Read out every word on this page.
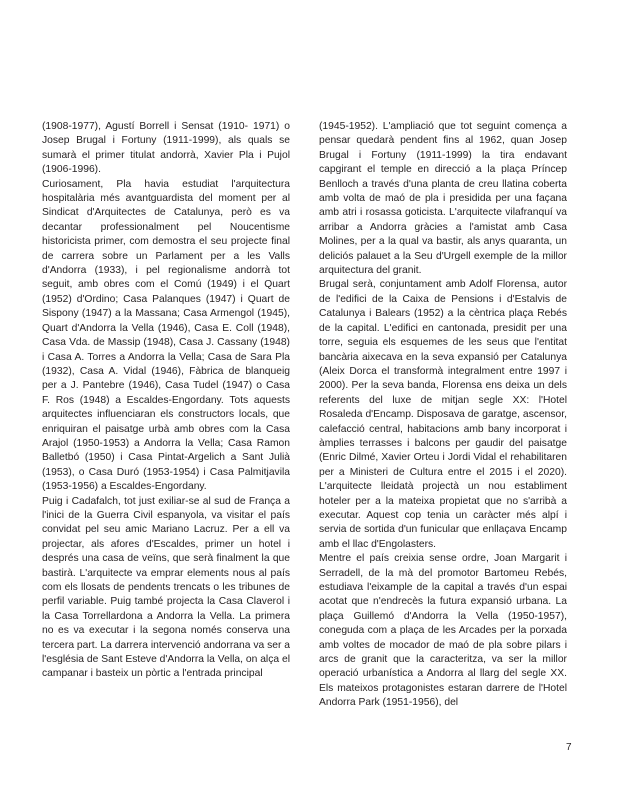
(1908-1977), Agustí Borrell i Sensat (1910- 1971) o Josep Brugal i Fortuny (1911-1999), als quals se sumarà el primer titulat andorrà, Xavier Pla i Pujol (1906-1996).

Curiosament, Pla havia estudiat l'arquitectura hospitalària més avantguardista del moment per al Sindicat d'Arquitectes de Catalunya, però es va decantar professionalment pel Noucentisme historicista primer, com demostra el seu projecte final de carrera sobre un Parlament per a les Valls d'Andorra (1933), i pel regionalisme andorrà tot seguit, amb obres com el Comú (1949) i el Quart (1952) d'Ordino; Casa Palanques (1947) i Quart de Sispony (1947) a la Massana; Casa Armengol (1945), Quart d'Andorra la Vella (1946), Casa E. Coll (1948), Casa Vda. de Massip (1948), Casa J. Cassany (1948) i Casa A. Torres a Andorra la Vella; Casa de Sara Pla (1932), Casa A. Vidal (1946), Fàbrica de blanqueig per a J. Pantebre (1946), Casa Tudel (1947) o Casa F. Ros (1948) a Escaldes-Engordany. Tots aquests arquitectes influenciaran els constructors locals, que enriquiran el paisatge urbà amb obres com la Casa Arajol (1950-1953) a Andorra la Vella; Casa Ramon Balletbó (1950) i Casa Pintat-Argelich a Sant Julià (1953), o Casa Duró (1953-1954) i Casa Palmitjavila (1953-1956) a Escaldes-Engordany.

Puig i Cadafalch, tot just exiliar-se al sud de França a l'inici de la Guerra Civil espanyola, va visitar el país convidat pel seu amic Mariano Lacruz. Per a ell va projectar, als afores d'Escaldes, primer un hotel i després una casa de veïns, que serà finalment la que bastirà. L'arquitecte va emprar elements nous al país com els llosats de pendents trencats o les tribunes de perfil variable. Puig també projecta la Casa Claverol i la Casa Torrellardona a Andorra la Vella. La primera no es va executar i la segona només conserva una tercera part. La darrera intervenció andorrana va ser a l'església de Sant Esteve d'Andorra la Vella, on alça el campanar i basteix un pòrtic a l'entrada principal

(1945-1952). L'ampliació que tot seguint comença a pensar quedarà pendent fins al 1962, quan Josep Brugal i Fortuny (1911-1999) la tira endavant capgirant el temple en direcció a la plaça Príncep Benlloch a través d'una planta de creu llatina coberta amb volta de maó de pla i presidida per una façana amb atri i rosassa goticista. L'arquitecte vilafranquí va arribar a Andorra gràcies a l'amistat amb Casa Molines, per a la qual va bastir, als anys quaranta, un deliciós palauet a la Seu d'Urgell exemple de la millor arquitectura del granit.

Brugal serà, conjuntament amb Adolf Florensa, autor de l'edifici de la Caixa de Pensions i d'Estalvis de Catalunya i Balears (1952) a la cèntrica plaça Rebés de la capital. L'edifici en cantonada, presidit per una torre, seguia els esquemes de les seus que l'entitat bancària aixecava en la seva expansió per Catalunya (Aleix Dorca el transformà integralment entre 1997 i 2000). Per la seva banda, Florensa ens deixa un dels referents del luxe de mitjan segle XX: l'Hotel Rosaleda d'Encamp. Disposava de garatge, ascensor, calefacció central, habitacions amb bany incorporat i àmplies terrasses i balcons per gaudir del paisatge (Enric Dilmé, Xavier Orteu i Jordi Vidal el rehabilitaren per a Ministeri de Cultura entre el 2015 i el 2020). L'arquitecte lleidatà projectà un nou establiment hoteler per a la mateixa propietat que no s'arribà a executar. Aquest cop tenia un caràcter més alpí i servia de sortida d'un funicular que enllaçava Encamp amb el llac d'Engolasters.

Mentre el país creixia sense ordre, Joan Margarit i Serradell, de la mà del promotor Bartomeu Rebés, estudiava l'eixample de la capital a través d'un espai acotat que n'endrecès la futura expansió urbana. La plaça Guillemó d'Andorra la Vella (1950-1957), coneguda com a plaça de les Arcades per la porxada amb voltes de mocador de maó de pla sobre pilars i arcs de granit que la caracteritza, va ser la millor operació urbanística a Andorra al llarg del segle XX. Els mateixos protagonistes estaran darrere de l'Hotel Andorra Park (1951-1956), del

7
